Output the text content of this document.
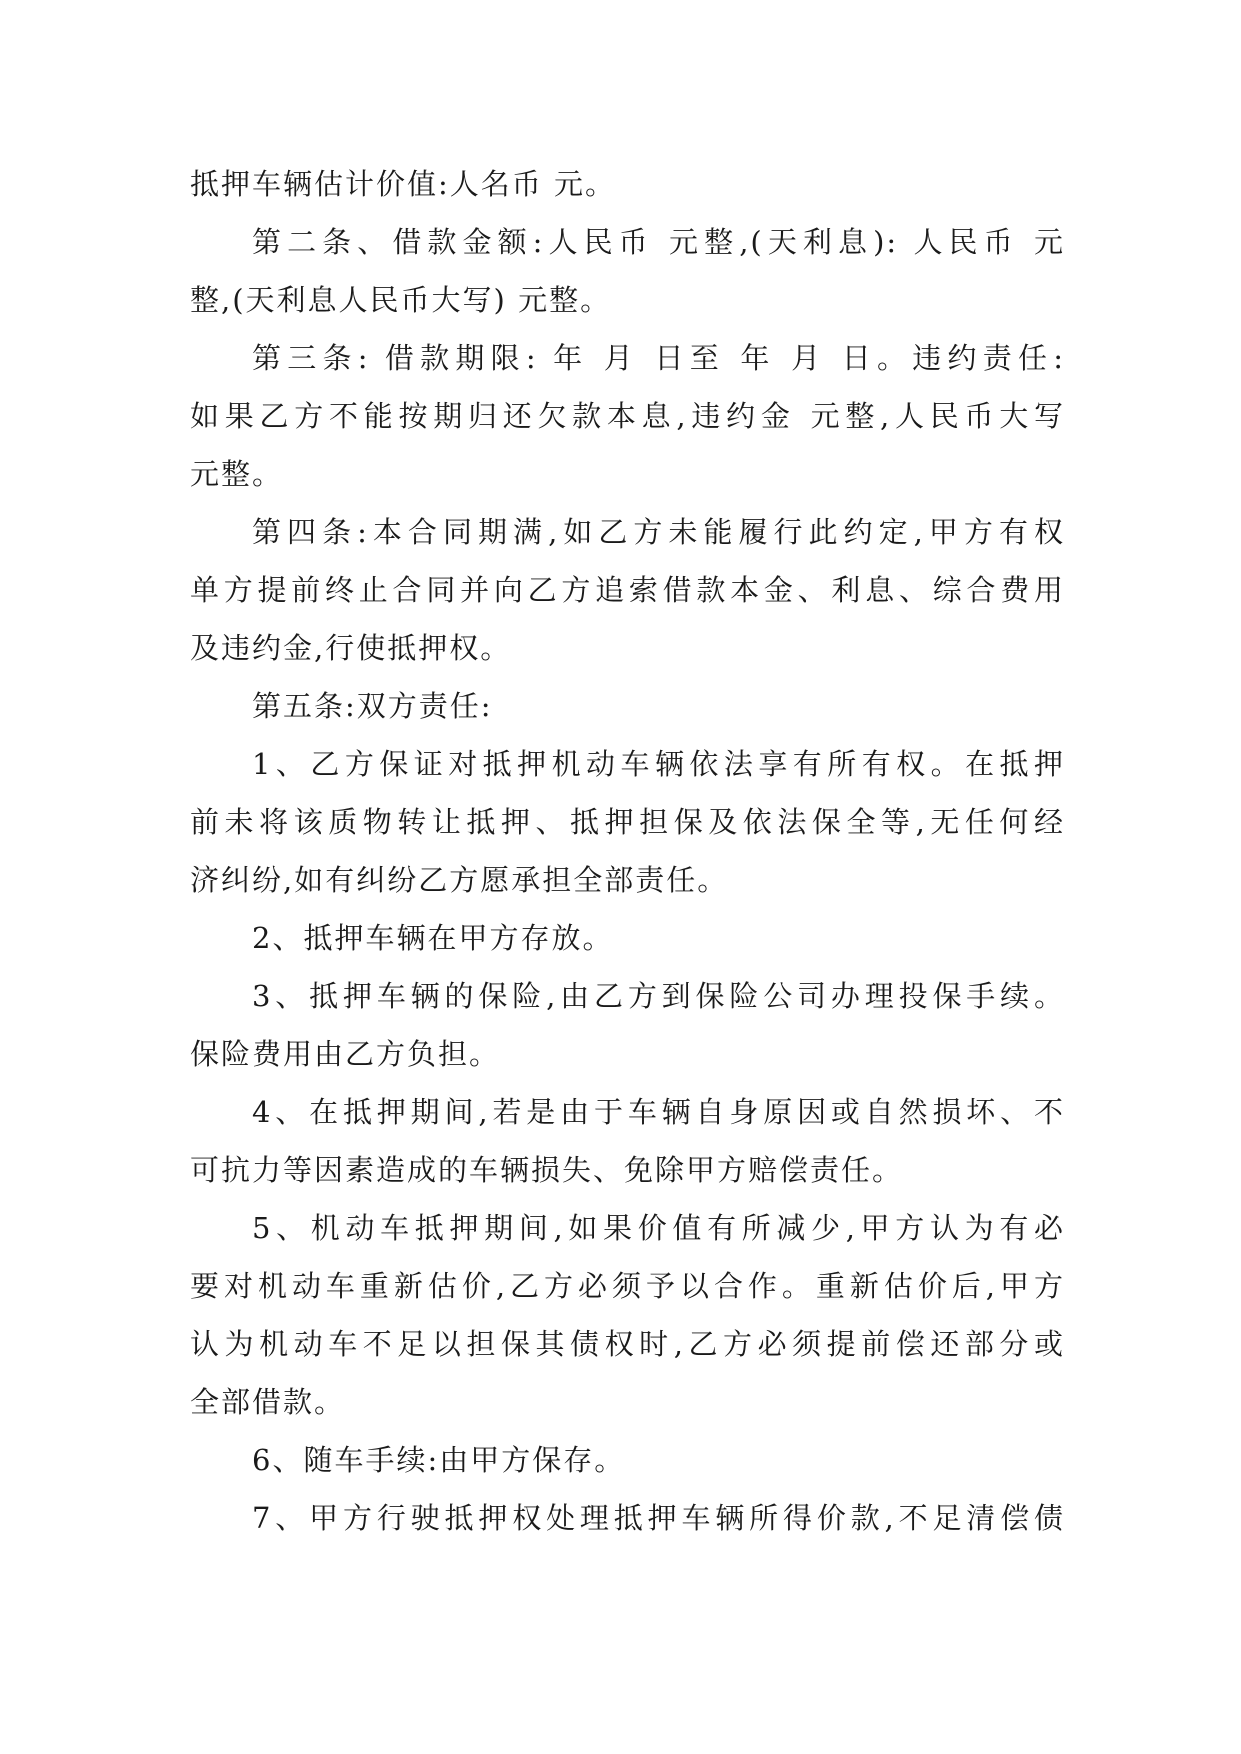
抵押车辆估计价值:人名币 元。
第二条、借款金额:人民币 元整,(天利息): 人民币 元
整,(天利息人民币大写) 元整。
第三条: 借款期限: 年 月 日至 年 月 日。违约责任:
如果乙方不能按期归还欠款本息,违约金 元整,人民币大写
元整。
第四条:本合同期满,如乙方未能履行此约定,甲方有权
单方提前终止合同并向乙方追索借款本金、利息、综合费用
及违约金,行使抵押权。
第五条:双方责任:
1、乙方保证对抵押机动车辆依法享有所有权。在抵押
前未将该质物转让抵押、抵押担保及依法保全等,无任何经
济纠纷,如有纠纷乙方愿承担全部责任。
2、抵押车辆在甲方存放。
3、抵押车辆的保险,由乙方到保险公司办理投保手续。
保险费用由乙方负担。
4、在抵押期间,若是由于车辆自身原因或自然损坏、不
可抗力等因素造成的车辆损失、免除甲方赔偿责任。
5、机动车抵押期间,如果价值有所减少,甲方认为有必
要对机动车重新估价,乙方必须予以合作。重新估价后,甲方
认为机动车不足以担保其债权时,乙方必须提前偿还部分或
全部借款。
6、随车手续:由甲方保存。
7、甲方行驶抵押权处理抵押车辆所得价款,不足清偿债
